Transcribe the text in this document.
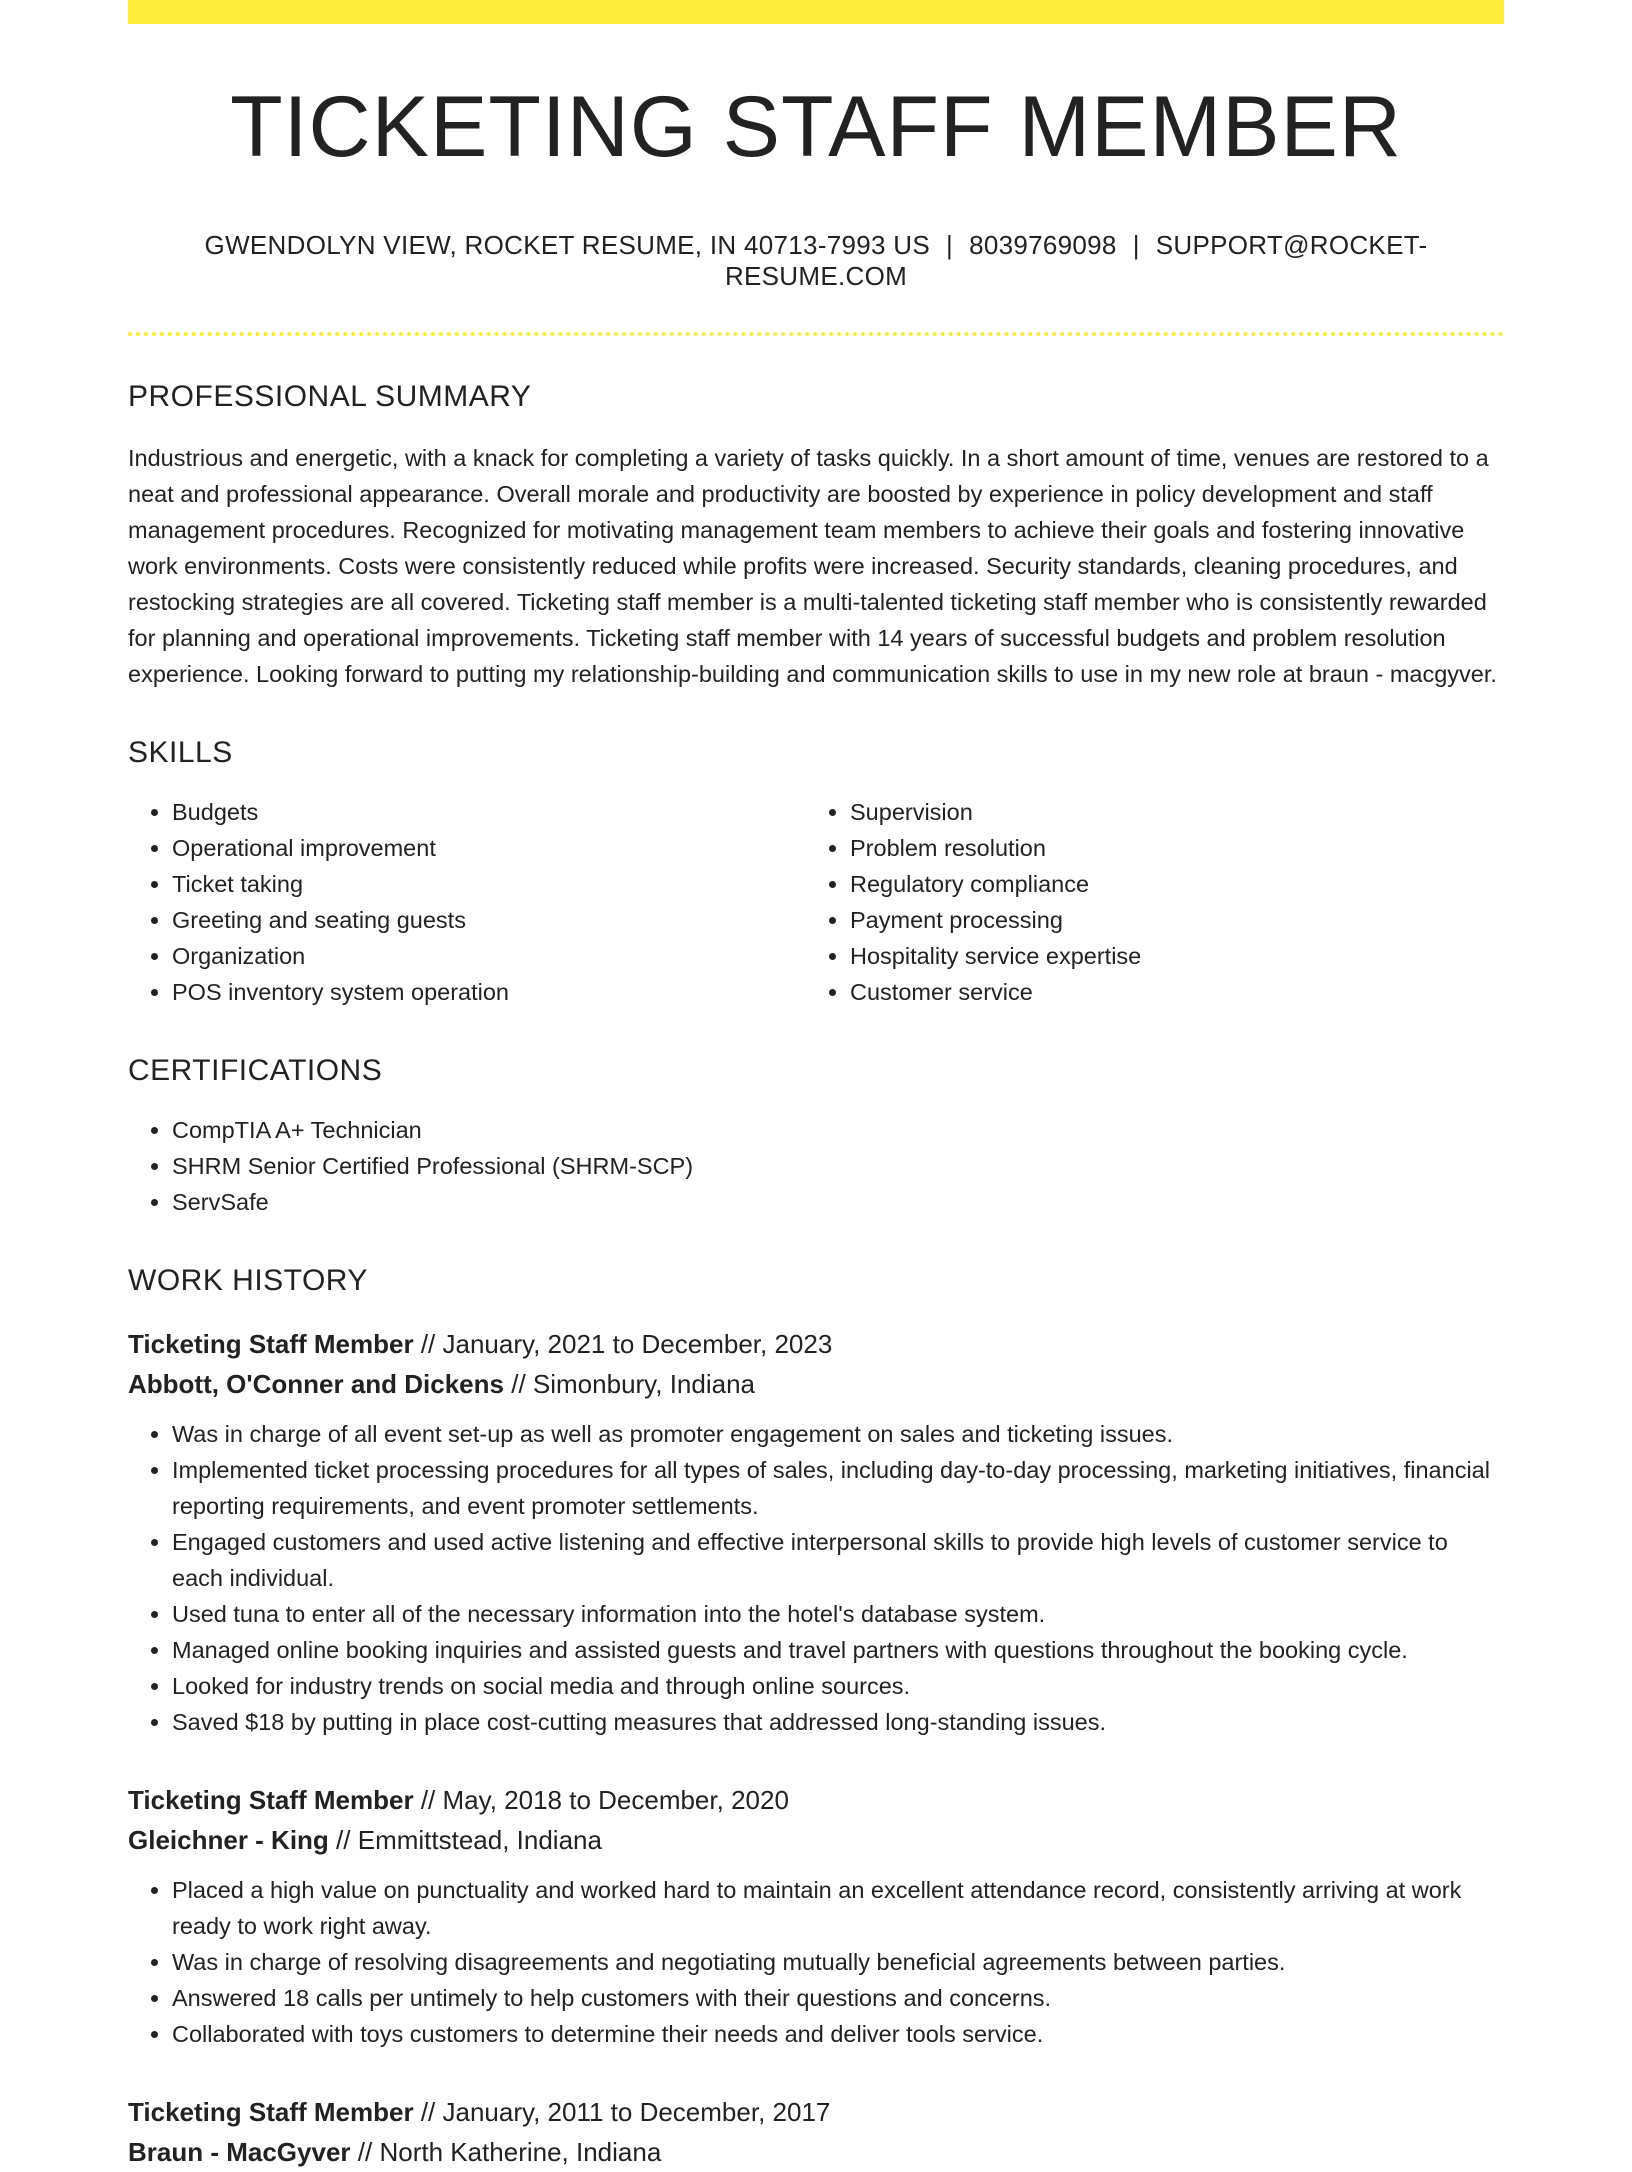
TICKETING STAFF MEMBER
GWENDOLYN VIEW, ROCKET RESUME, IN 40713-7993 US | 8039769098 | SUPPORT@ROCKET-RESUME.COM
PROFESSIONAL SUMMARY

Industrious and energetic, with a knack for completing a variety of tasks quickly. In a short amount of time, venues are restored to a neat and professional appearance. Overall morale and productivity are boosted by experience in policy development and staff management procedures. Recognized for motivating management team members to achieve their goals and fostering innovative work environments. Costs were consistently reduced while profits were increased. Security standards, cleaning procedures, and restocking strategies are all covered. Ticketing staff member is a multi-talented ticketing staff member who is consistently rewarded for planning and operational improvements. Ticketing staff member with 14 years of successful budgets and problem resolution experience. Looking forward to putting my relationship-building and communication skills to use in my new role at braun - macgyver.

SKILLS
• Budgets
• Operational improvement
• Ticket taking
• Greeting and seating guests
• Organization
• POS inventory system operation
• Supervision
• Problem resolution
• Regulatory compliance
• Payment processing
• Hospitality service expertise
• Customer service
CERTIFICATIONS
• CompTIA A+ Technician
• SHRM Senior Certified Professional (SHRM-SCP)
• ServSafe
WORK HISTORY
Ticketing Staff Member // January, 2021 to December, 2023
Abbott, O'Conner and Dickens // Simonbury, Indiana
• Was in charge of all event set-up as well as promoter engagement on sales and ticketing issues.
• Implemented ticket processing procedures for all types of sales, including day-to-day processing, marketing initiatives, financial reporting requirements, and event promoter settlements.
• Engaged customers and used active listening and effective interpersonal skills to provide high levels of customer service to each individual.
• Used tuna to enter all of the necessary information into the hotel's database system.
• Managed online booking inquiries and assisted guests and travel partners with questions throughout the booking cycle.
• Looked for industry trends on social media and through online sources.
• Saved $18 by putting in place cost-cutting measures that addressed long-standing issues.
Ticketing Staff Member // May, 2018 to December, 2020
Gleichner - King // Emmittstead, Indiana
• Placed a high value on punctuality and worked hard to maintain an excellent attendance record, consistently arriving at work ready to work right away.
• Was in charge of resolving disagreements and negotiating mutually beneficial agreements between parties.
• Answered 18 calls per untimely to help customers with their questions and concerns.
• Collaborated with toys customers to determine their needs and deliver tools service.
Ticketing Staff Member // January, 2011 to December, 2017
Braun - MacGyver // North Katherine, Indiana
